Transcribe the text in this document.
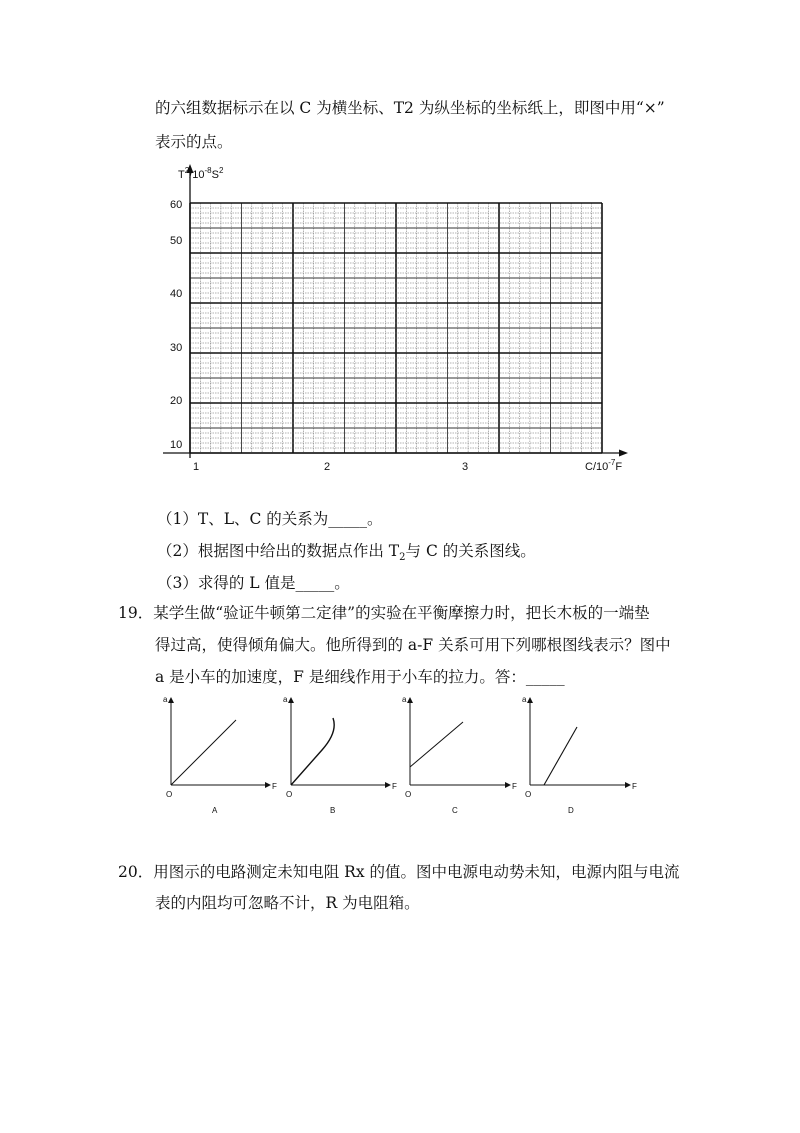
的六组数据标示在以 C 为横坐标、T2 为纵坐标的坐标纸上，即图中用“×”
表示的点。
$T^2/10^{-8}S^2$
60
50
40
30
20
10
1	2	3	$C/10^{-7}F$
（1）T、L、C 的关系为_____。
（2）根据图中给出的数据点作出 $T_2$与 C 的关系图线。
（3）求得的 L 值是_____。
19．某学生做“验证牛顿第二定律”的实验在平衡摩擦力时，把长木板的一端垫
得过高，使得倾角偏大。他所得到的 a-F 关系可用下列哪根图线表示？图中
a 是小车的加速度，F 是细线作用于小车的拉力。答：_____
a
F
O
A
a
F
O
B
a
F
O
C
a
F
O
D
20．用图示的电路测定未知电阻 Rx 的值。图中电源电动势未知，电源内阻与电流
表的内阻均可忽略不计，R 为电阻箱。
